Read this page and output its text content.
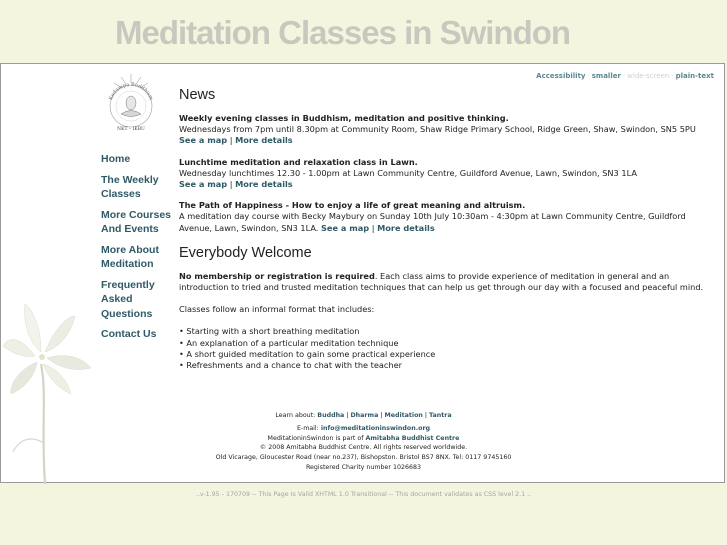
Meditation Classes in Swindon
Accessibility · smaller · wide-screen · plain-text
Kadampa Buddhism
NKT – IKBU
Home
The Weekly Classes
More Courses And Events
More About Meditation
Frequently Asked Questions
Contact Us
News
Weekly evening classes in Buddhism, meditation and positive thinking.
Wednesdays from 7pm until 8.30pm at Community Room, Shaw Ridge Primary School, Ridge Green, Shaw, Swindon, SN5 5PU
See a map | More details
Lunchtime meditation and relaxation class in Lawn.
Wednesday lunchtimes 12.30 - 1.00pm at Lawn Community Centre, Guildford Avenue, Lawn, Swindon, SN3 1LA
See a map | More details
The Path of Happiness - How to enjoy a life of great meaning and altruism.
A meditation day course with Becky Maybury on Sunday 10th July 10:30am - 4:30pm at Lawn Community Centre, Guildford Avenue, Lawn, Swindon, SN3 1LA. See a map | More details
Everybody Welcome

No membership or registration is required. Each class aims to provide experience of meditation in general and an introduction to tried and trusted meditation techniques that can help us get through our day with a focused and peaceful mind.

Classes follow an informal format that includes:

• Starting with a short breathing meditation
• An explanation of a particular meditation technique
• A short guided meditation to gain some practical experience
• Refreshments and a chance to chat with the teacher
Learn about: Buddha | Dharma | Meditation | Tantra
E-mail: info@meditationinswindon.org
MeditationinSwindon is part of Amitabha Buddhist Centre
© 2008 Amitabha Buddhist Centre. All rights reserved worldwide.
Old Vicarage, Gloucester Road (near no.237), Bishopston. Bristol BS7 8NX. Tel: 0117 9745160
Registered Charity number 1026683
..v-1.95 - 170709 -- This Page Is Valid XHTML 1.0 Transitional -- This document validates as CSS level 2.1 ..
